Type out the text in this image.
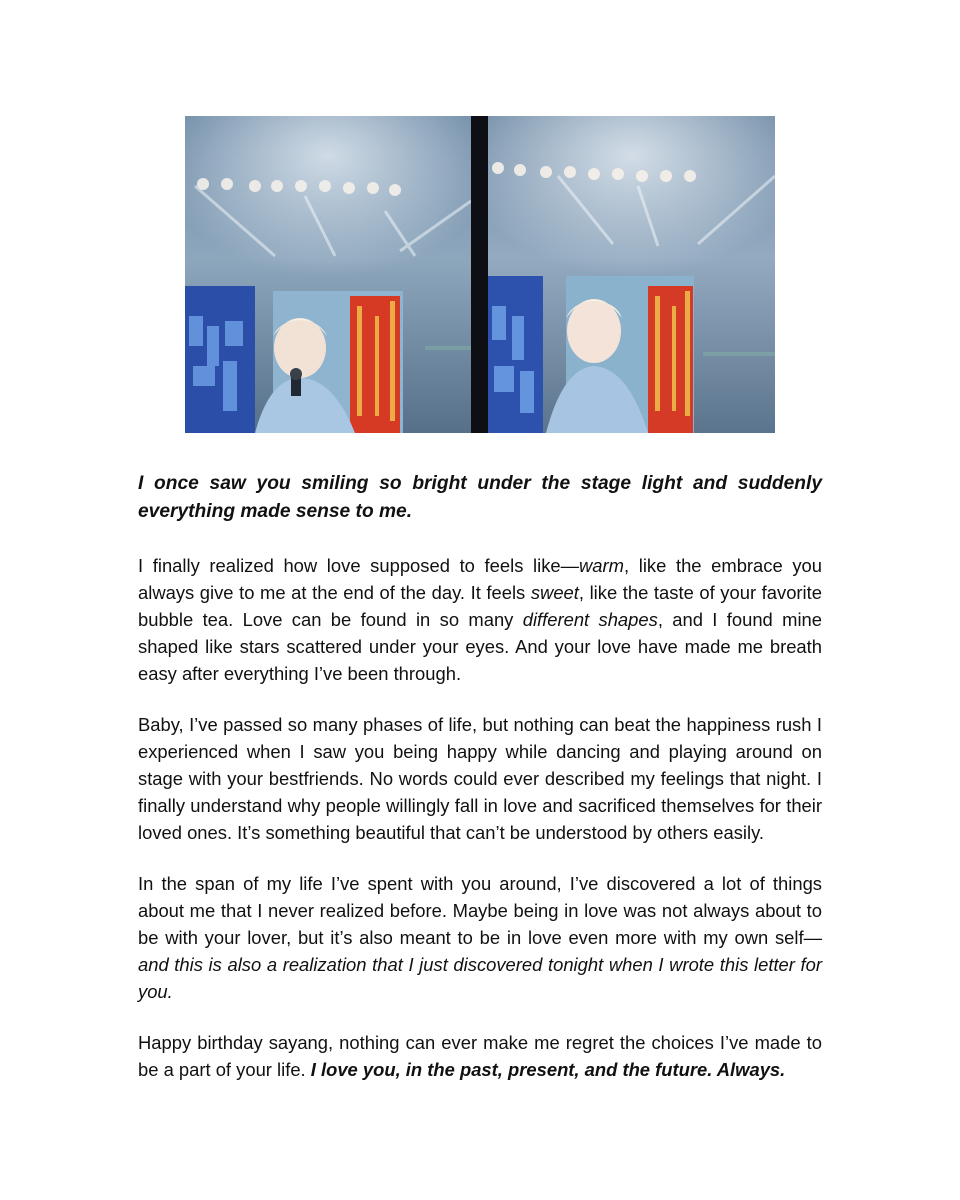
I once saw you smiling so bright under the stage light and suddenly everything made sense to me.

I finally realized how love supposed to feels like—warm, like the embrace you always give to me at the end of the day. It feels sweet, like the taste of your favorite bubble tea. Love can be found in so many different shapes, and I found mine shaped like stars scattered under your eyes. And your love have made me breath easy after everything I’ve been through.

Baby, I’ve passed so many phases of life, but nothing can beat the happiness rush I experienced when I saw you being happy while dancing and playing around on stage with your bestfriends. No words could ever described my feelings that night. I finally understand why people willingly fall in love and sacrificed themselves for their loved ones. It’s something beautiful that can’t be understood by others easily.

In the span of my life I’ve spent with you around, I’ve discovered a lot of things about me that I never realized before. Maybe being in love was not always about to be with your lover, but it’s also meant to be in love even more with my own self—and this is also a realization that I just discovered tonight when I wrote this letter for you.

Happy birthday sayang, nothing can ever make me regret the choices I’ve made to be a part of your life. I love you, in the past, present, and the future. Always.
